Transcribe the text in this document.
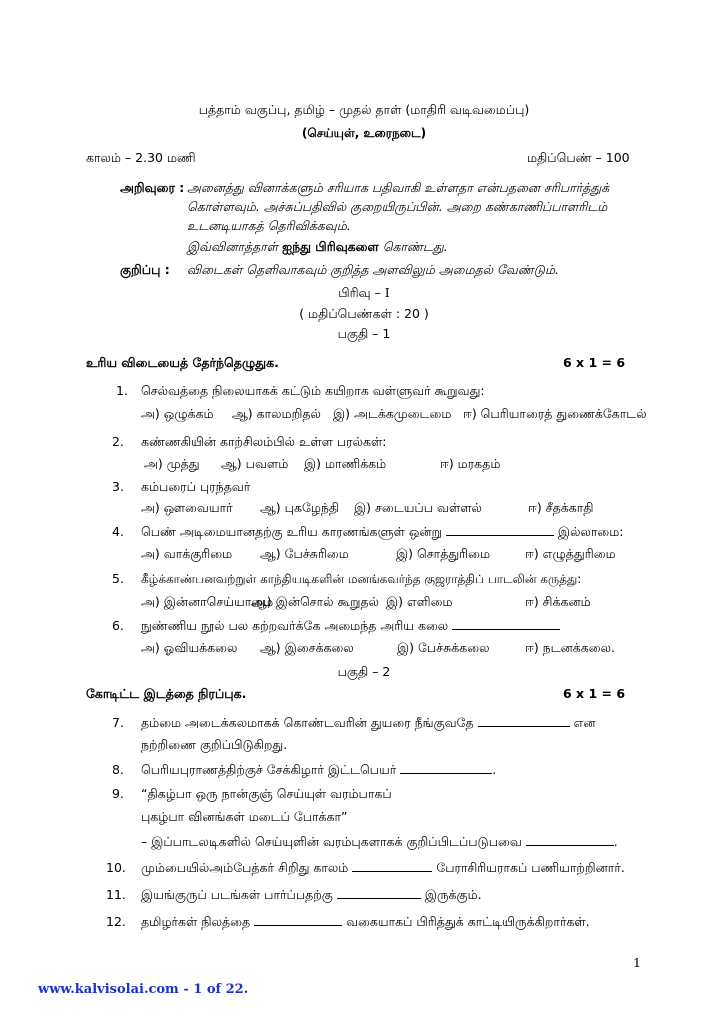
பத்தாம் வகுப்பு, தமிழ் – முதல் தாள் (மாதிரி வடிவமைப்பு)
(செய்யுள், உரைநடை)
காலம் – 2.30 மணி	மதிப்பெண் – 100
அறிவுரை : அனைத்து வினாக்களும் சரியாக பதிவாகி உள்ளதா என்பதனை சரிபார்த்துக்
கொள்ளவும். அச்சுப்பதிவில் குறையிருப்பின். அறை கண்காணிப்பாளரிடம்
உடனடியாகத் தெரிவிக்கவும்.
இவ்வினாத்தாள் ஐந்து பிரிவுகளை கொண்டது.
குறிப்பு : விடைகள் தெளிவாகவும் குறித்த அளவிலும் அமைதல் வேண்டும்.
பிரிவு – I
( மதிப்பெண்கள் : 20 )
பகுதி – 1
உரிய விடையைத் தேர்ந்தெழுதுக.	6 x 1 = 6
1. செல்வத்தை நிலையாகக் கட்டும் கயிறாக வள்ளுவர் கூறுவது:
அ) ஒழுக்கம் ஆ) காலமறிதல் இ) அடக்கமுடைமை ஈ) பெரியாரைத் துணைக்கோடல்
2. கண்ணகியின் காற்சிலம்பில் உள்ள பரல்கள்:
அ) முத்து ஆ) பவளம் இ) மாணிக்கம்	ஈ) மரகதம்
3. கம்பரைப் புரந்தவர்
அ) ஔவையார் ஆ) புகழேந்தி இ) சடையப்ப வள்ளல்	ஈ) சீதக்காதி
4. பெண் அடிமையானதற்கு உரிய காரணங்களுள் ஒன்று	இல்லாமை:
அ) வாக்குரிமை ஆ) பேச்சுரிமை	இ) சொத்துரிமை	ஈ) எழுத்துரிமை
5. கீழ்க்காண்பனவற்றுள் காந்தியடிகளின் மனங்கவர்ந்த குஜராத்திப் பாடலின் கருத்து:
அ) இன்னாசெய்யாமை
ஆ) இன்சொல் கூறுதல் இ) எளிமை	ஈ) சிக்கனம்
6. நுண்ணிய நூல் பல கற்றவர்க்கே அமைந்த அரிய கலை
அ) ஓவியக்கலை ஆ) இசைக்கலை	இ) பேச்சுக்கலை	ஈ) நடனக்கலை.
பகுதி – 2
கோடிட்ட இடத்தை நிரப்புக.	6 x 1 = 6
7. தம்மை அடைக்கலமாகக் கொண்டவரின் துயரை நீங்குவதே	என
நற்றிணை குறிப்பிடுகிறது.
8. பெரியபுராணத்திற்குச் சேக்கிழார் இட்டபெயர்	.
9. “திகழ்பா ஒரு நான்குஞ் செய்யுள் வரம்பாகப்
புகழ்பா வினங்கள் மடைப் போக்கா”
– இப்பாடலடிகளில் செய்யுளின் வரம்புகளாகக் குறிப்பிடப்படுபவை	.
10. மும்பையில்அம்பேத்கர் சிறிது காலம்	பேராசிரியராகப் பணியாற்றினார்.
11. இயங்குருப் படங்கள் பார்ப்பதற்கு	இருக்கும்.
12. தமிழர்கள் நிலத்தை	வகையாகப் பிரித்துக் காட்டியிருக்கிறார்கள்.
1
www.kalvisolai.com - 1 of 22.
